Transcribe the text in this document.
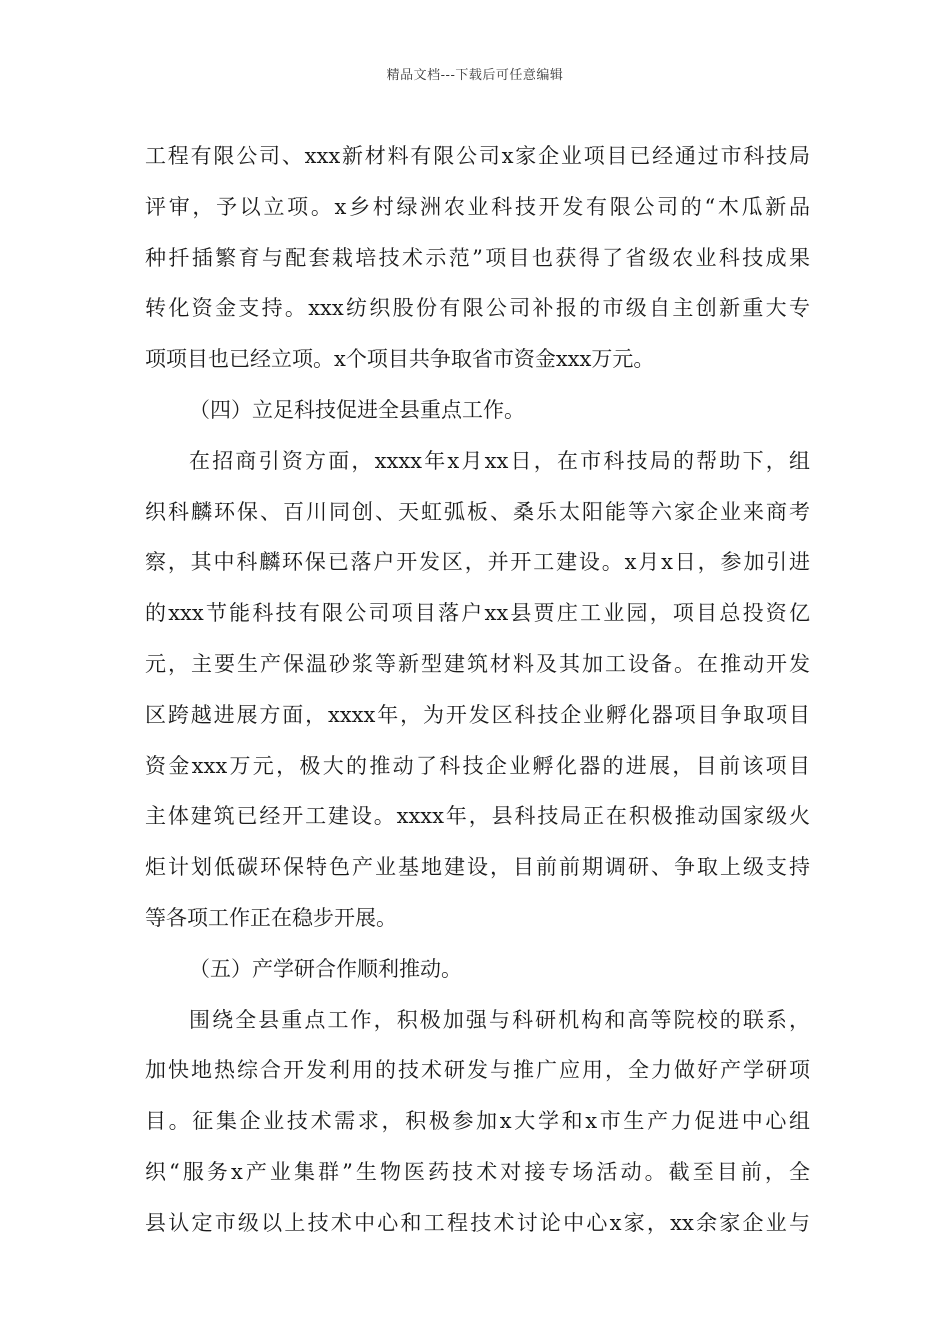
精品文档---下载后可任意编辑
工程有限公司、xxx新材料有限公司x家企业项目已经通过市科技局
评审，予以立项。x乡村绿洲农业科技开发有限公司的“木瓜新品
种扦插繁育与配套栽培技术示范”项目也获得了省级农业科技成果
转化资金支持。xxx纺织股份有限公司补报的市级自主创新重大专
项项目也已经立项。x个项目共争取省市资金xxx万元。
（四）立足科技促进全县重点工作。
在招商引资方面，xxxx年x月xx日，在市科技局的帮助下，组
织科麟环保、百川同创、天虹弧板、桑乐太阳能等六家企业来商考
察，其中科麟环保已落户开发区，并开工建设。x月x日，参加引进
的xxx节能科技有限公司项目落户xx县贾庄工业园，项目总投资亿
元，主要生产保温砂浆等新型建筑材料及其加工设备。在推动开发
区跨越进展方面，xxxx年，为开发区科技企业孵化器项目争取项目
资金xxx万元，极大的推动了科技企业孵化器的进展，目前该项目
主体建筑已经开工建设。xxxx年，县科技局正在积极推动国家级火
炬计划低碳环保特色产业基地建设，目前前期调研、争取上级支持
等各项工作正在稳步开展。
（五）产学研合作顺利推动。
围绕全县重点工作，积极加强与科研机构和高等院校的联系，
加快地热综合开发利用的技术研发与推广应用，全力做好产学研项
目。征集企业技术需求，积极参加x大学和x市生产力促进中心组
织“服务x产业集群”生物医药技术对接专场活动。截至目前，全
县认定市级以上技术中心和工程技术讨论中心x家，xx余家企业与
